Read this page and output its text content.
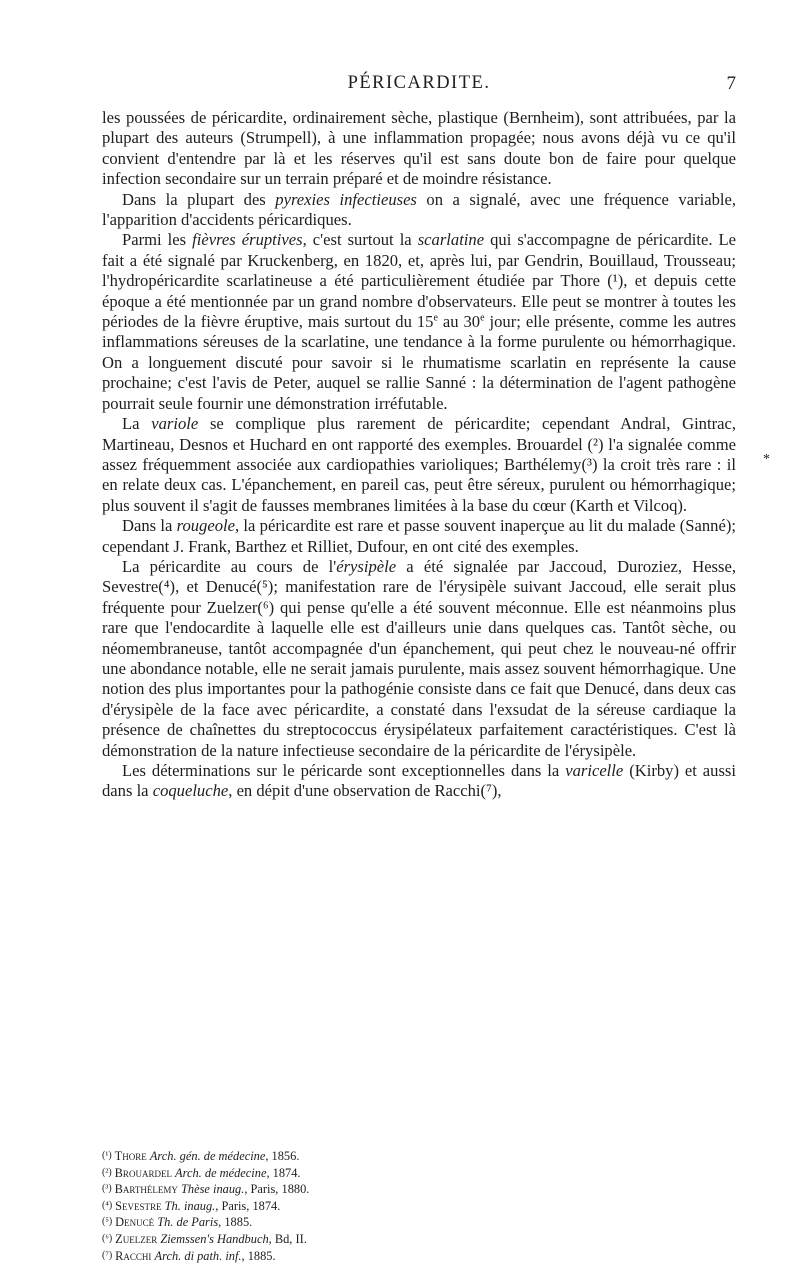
PÉRICARDITE.	7

les poussées de péricardite, ordinairement sèche, plastique (Bernheim), sont attribuées, par la plupart des auteurs (Strumpell), à une inflammation propagée; nous avons déjà vu ce qu'il convient d'entendre par là et les réserves qu'il est sans doute bon de faire pour quelque infection secondaire sur un terrain préparé et de moindre résistance.

Dans la plupart des pyrexies infectieuses on a signalé, avec une fréquence variable, l'apparition d'accidents péricardiques.

Parmi les fièvres éruptives, c'est surtout la scarlatine qui s'accompagne de péricardite. Le fait a été signalé par Kruckenberg, en 1820, et, après lui, par Gendrin, Bouillaud, Trousseau; l'hydropéricardite scarlatineuse a été particulièrement étudiée par Thore (¹), et depuis cette époque a été mentionnée par un grand nombre d'observateurs. Elle peut se montrer à toutes les périodes de la fièvre éruptive, mais surtout du 15e au 30e jour; elle présente, comme les autres inflammations séreuses de la scarlatine, une tendance à la forme purulente ou hémorrhagique. On a longuement discuté pour savoir si le rhumatisme scarlatin en représente la cause prochaine; c'est l'avis de Peter, auquel se rallie Sanné : la détermination de l'agent pathogène pourrait seule fournir une démonstration irréfutable.

La variole se complique plus rarement de péricardite; cependant Andral, Gintrac, Martineau, Desnos et Huchard en ont rapporté des exemples. Brouardel (²) l'a signalée comme assez fréquemment associée aux cardiopathies varioliques; Barthélemy(³) la croit très rare : il en relate deux cas. L'épanchement, en pareil cas, peut être séreux, purulent ou hémorrhagique; plus souvent il s'agit de fausses membranes limitées à la base du cœur (Karth et Vilcoq).

Dans la rougeole, la péricardite est rare et passe souvent inaperçue au lit du malade (Sanné); cependant J. Frank, Barthez et Rilliet, Dufour, en ont cité des exemples.

La péricardite au cours de l'érysipèle a été signalée par Jaccoud, Duroziez, Hesse, Sevestre(⁴), et Denucé(⁵); manifestation rare de l'érysipèle suivant Jaccoud, elle serait plus fréquente pour Zuelzer(⁶) qui pense qu'elle a été souvent méconnue. Elle est néanmoins plus rare que l'endocardite à laquelle elle est d'ailleurs unie dans quelques cas. Tantôt sèche, ou néomembraneuse, tantôt accompagnée d'un épanchement, qui peut chez le nouveau-né offrir une abondance notable, elle ne serait jamais purulente, mais assez souvent hémorrhagique. Une notion des plus importantes pour la pathogénie consiste dans ce fait que Denucé, dans deux cas d'érysipèle de la face avec péricardite, a constaté dans l'exsudat de la séreuse cardiaque la présence de chaînettes du streptococcus érysipélateux parfaitement caractéristiques. C'est là démonstration de la nature infectieuse secondaire de la péricardite de l'érysipèle.

Les déterminations sur le péricarde sont exceptionnelles dans la varicelle (Kirby) et aussi dans la coqueluche, en dépit d'une observation de Racchi(⁷),

*
(¹) Thore Arch. gén. de médecine, 1856.
(²) Brouardel Arch. de médecine, 1874.
(³) Barthélemy Thèse inaug., Paris, 1880.
(⁴) Sevestre Th. inaug., Paris, 1874.
(⁵) Denucé Th. de Paris, 1885.
(⁶) Zuelzer Ziemssen's Handbuch, Bd, II.
(⁷) Racchi Arch. di path. inf., 1885.
